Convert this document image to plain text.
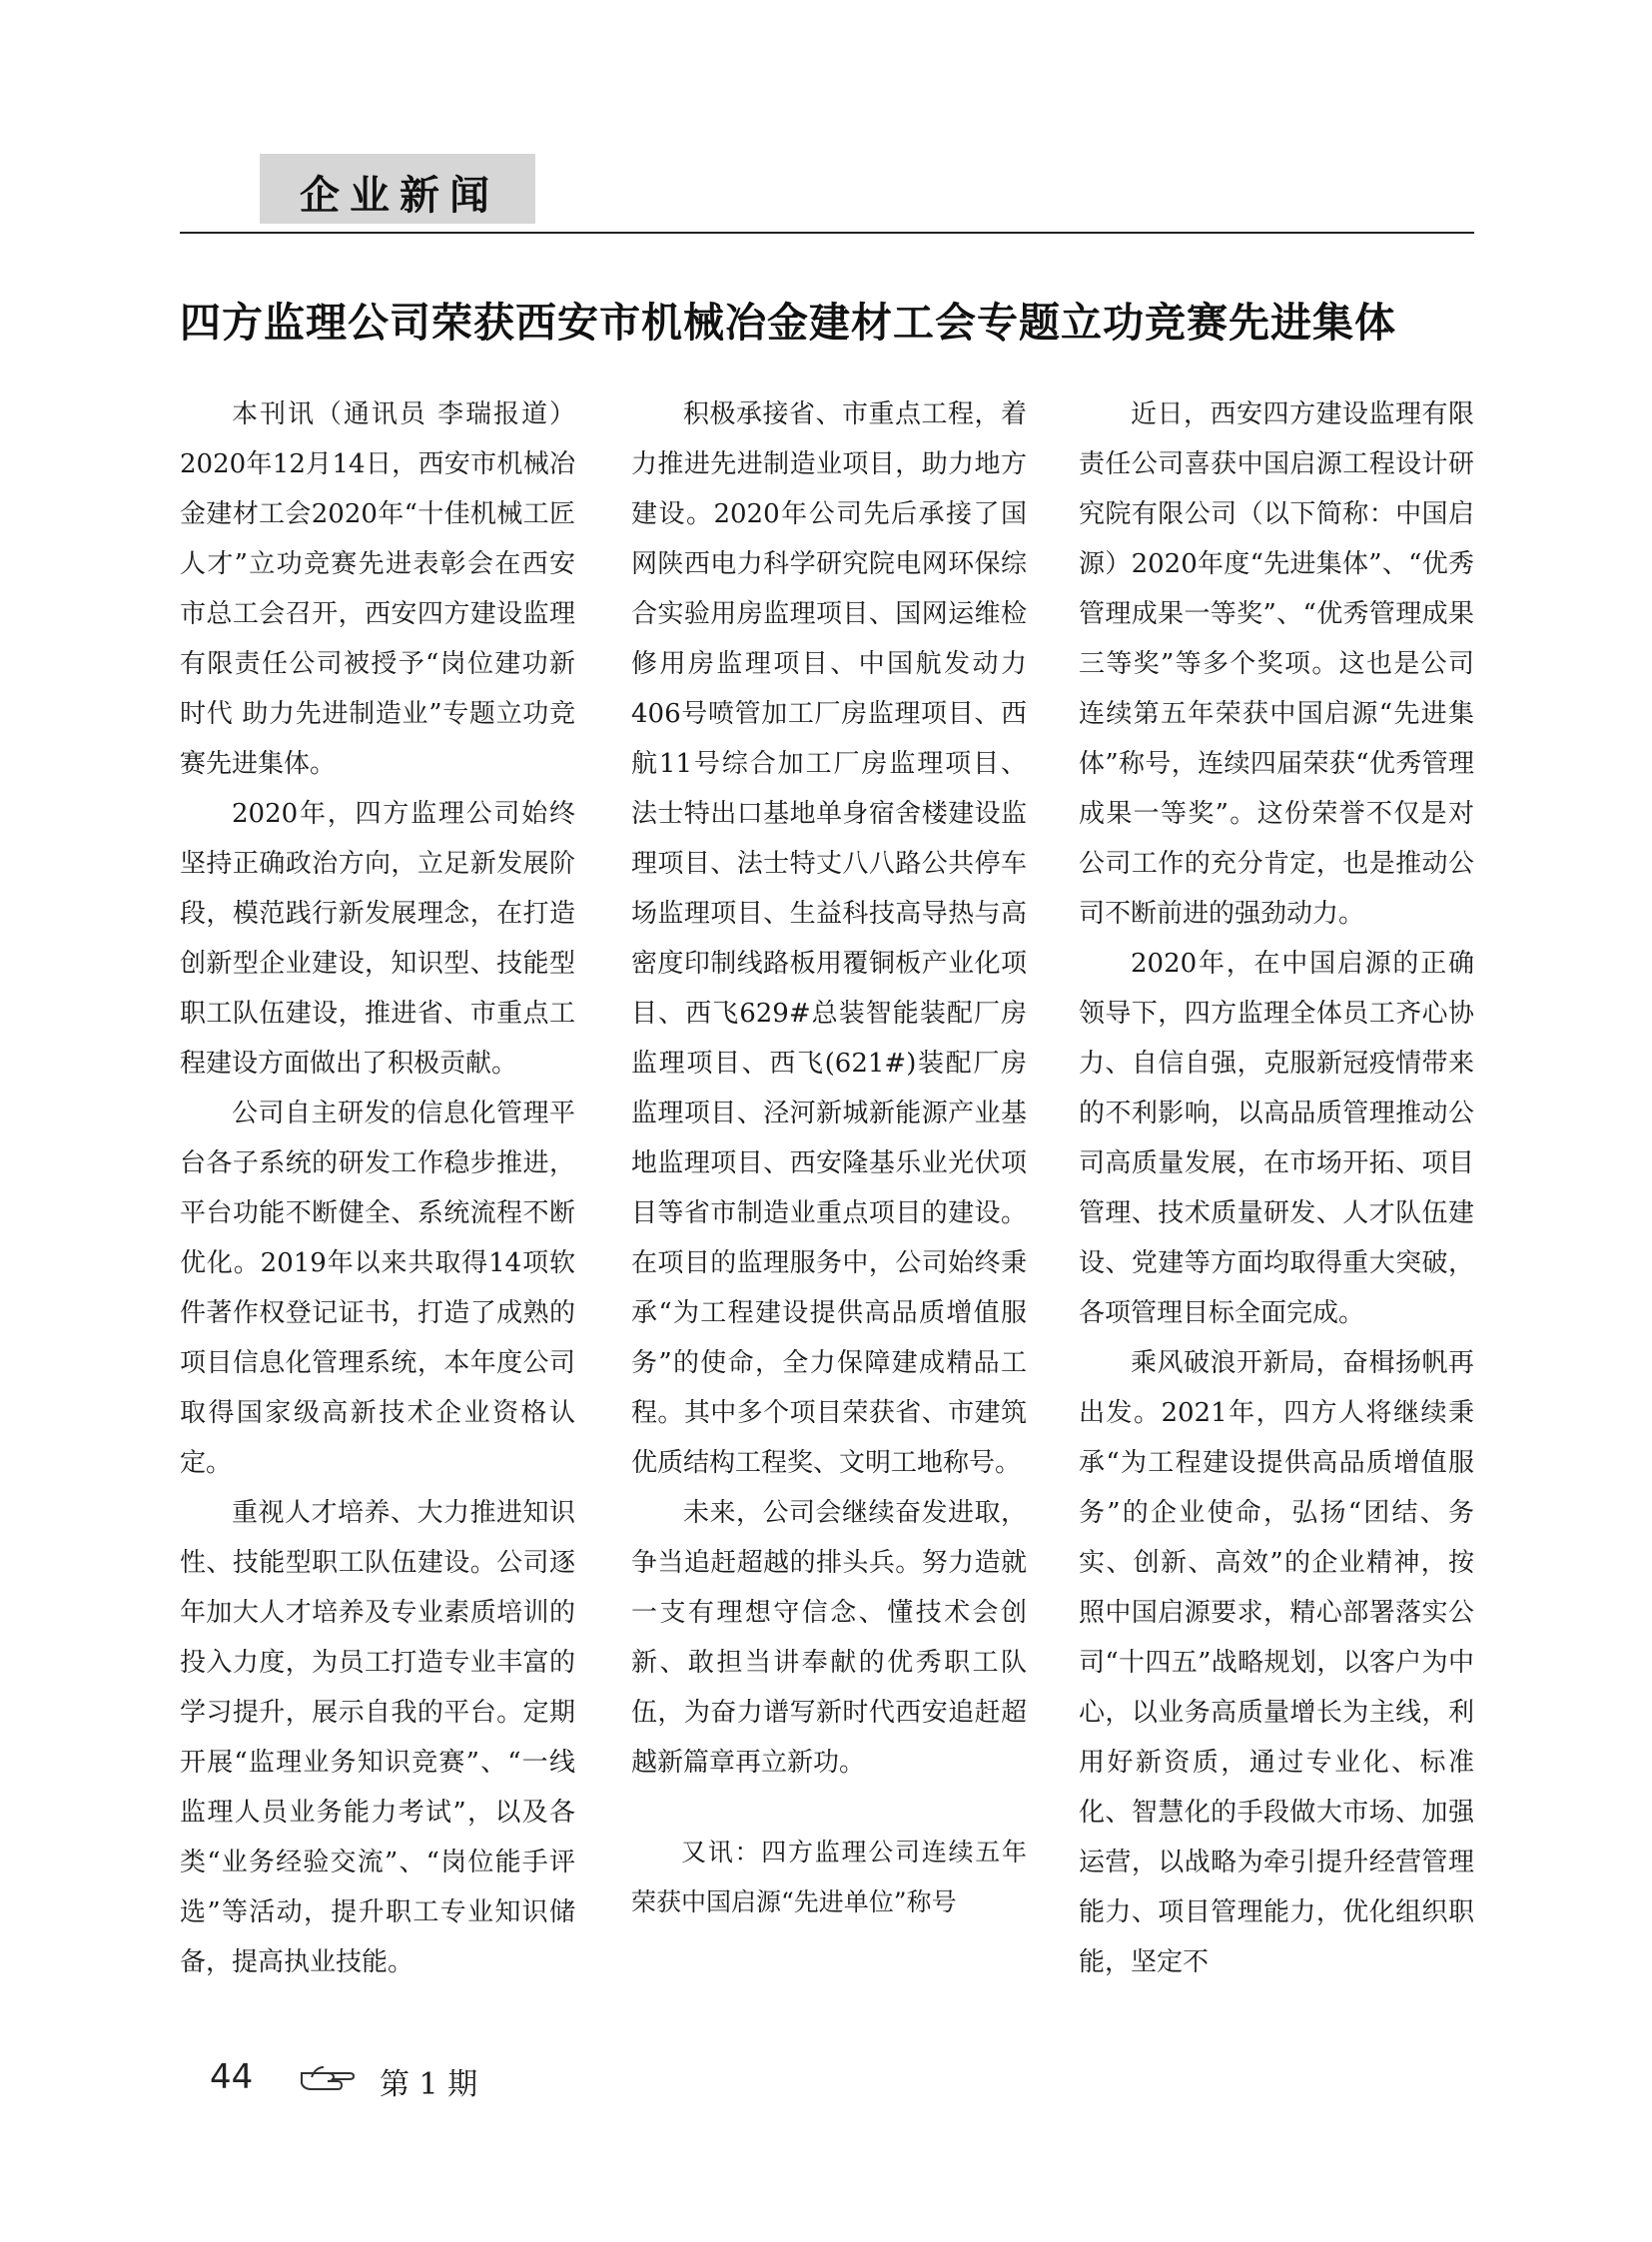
企业新闻
四方监理公司荣获西安市机械冶金建材工会专题立功竞赛先进集体

本刊讯（通讯员 李瑞报道）2020年12月14日，西安市机械冶金建材工会2020年“十佳机械工匠人才”立功竞赛先进表彰会在西安市总工会召开，西安四方建设监理有限责任公司被授予“岗位建功新时代 助力先进制造业”专题立功竞赛先进集体。

2020年，四方监理公司始终坚持正确政治方向，立足新发展阶段，模范践行新发展理念，在打造创新型企业建设，知识型、技能型职工队伍建设，推进省、市重点工程建设方面做出了积极贡献。

公司自主研发的信息化管理平台各子系统的研发工作稳步推进，平台功能不断健全、系统流程不断优化。2019年以来共取得14项软件著作权登记证书，打造了成熟的项目信息化管理系统，本年度公司取得国家级高新技术企业资格认定。

重视人才培养、大力推进知识性、技能型职工队伍建设。公司逐年加大人才培养及专业素质培训的投入力度，为员工打造专业丰富的学习提升，展示自我的平台。定期开展“监理业务知识竞赛”、“一线监理人员业务能力考试”，以及各类“业务经验交流”、“岗位能手评选”等活动，提升职工专业知识储备，提高执业技能。

积极承接省、市重点工程，着力推进先进制造业项目，助力地方建设。2020年公司先后承接了国网陕西电力科学研究院电网环保综合实验用房监理项目、国网运维检修用房监理项目、中国航发动力406号喷管加工厂房监理项目、西航11号综合加工厂房监理项目、法士特出口基地单身宿舍楼建设监理项目、法士特丈八八路公共停车场监理项目、生益科技高导热与高密度印制线路板用覆铜板产业化项目、西飞629#总装智能装配厂房监理项目、西飞(621#)装配厂房监理项目、泾河新城新能源产业基地监理项目、西安隆基乐业光伏项目等省市制造业重点项目的建设。在项目的监理服务中，公司始终秉承“为工程建设提供高品质增值服务”的使命，全力保障建成精品工程。其中多个项目荣获省、市建筑优质结构工程奖、文明工地称号。

未来，公司会继续奋发进取，争当追赶超越的排头兵。努力造就一支有理想守信念、懂技术会创新、敢担当讲奉献的优秀职工队伍，为奋力谱写新时代西安追赶超越新篇章再立新功。

又讯：四方监理公司连续五年荣获中国启源“先进单位”称号

近日，西安四方建设监理有限责任公司喜获中国启源工程设计研究院有限公司（以下简称：中国启源）2020年度“先进集体”、“优秀管理成果一等奖”、“优秀管理成果三等奖”等多个奖项。这也是公司连续第五年荣获中国启源“先进集体”称号，连续四届荣获“优秀管理成果一等奖”。这份荣誉不仅是对公司工作的充分肯定，也是推动公司不断前进的强劲动力。

2020年，在中国启源的正确领导下，四方监理全体员工齐心协力、自信自强，克服新冠疫情带来的不利影响，以高品质管理推动公司高质量发展，在市场开拓、项目管理、技术质量研发、人才队伍建设、党建等方面均取得重大突破，各项管理目标全面完成。

乘风破浪开新局，奋楫扬帆再出发。2021年，四方人将继续秉承“为工程建设提供高品质增值服务”的企业使命，弘扬“团结、务实、创新、高效”的企业精神，按照中国启源要求，精心部署落实公司“十四五”战略规划，以客户为中心，以业务高质量增长为主线，利用好新资质，通过专业化、标准化、智慧化的手段做大市场、加强运营，以战略为牵引提升经营管理能力、项目管理能力，优化组织职能，坚定不

44	第 1 期
